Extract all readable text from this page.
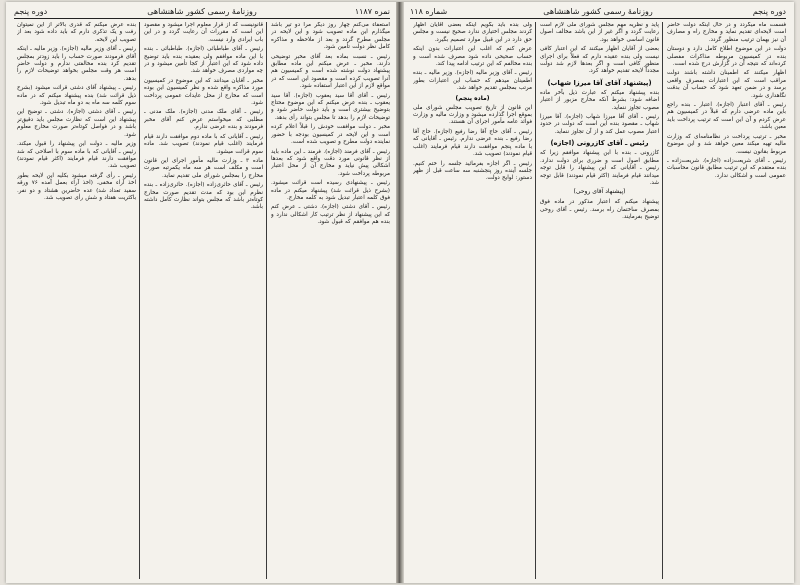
نمره ۱۱۸۷
روزنامه‌ٔ رسمی کشور شاهنشاهی
دوره پنجم

استعفاء می‌کنم چهار روز دیگر مرا دو تیر باشد میگذارم این ماده تصویب شود و این لایحه در مجلس مطرح گردد و بعد از ملاحظه و مذاکره کامل نظر دولت تأمین شود.

رئیس ـ نسبت بماده بعد آقای مخبر توضیحی دارند. مخبر ـ عرض میکنم این ماده مطابق پیشنهاد دولت نوشته شده است و کمیسیون هم آنرا تصویب کرده است و مقصود این است که در مواقع لازم از این اعتبار استفاده شود.

رئیس ـ آقای آقا سید یعقوب (اجازه). آقا سید یعقوب ـ بنده عرض میکنم که این موضوع محتاج بتوضیح بیشتری است و باید دولت حاضر شود و توضیحات لازم را بدهد تا مجلس بتواند رأی بدهد.

مخبر ـ دولت موافقت خودش را قبلاً اعلام کرده است و این لایحه در کمیسیون بودجه با حضور نماینده دولت مطرح و تصویب شده است.

رئیس ـ آقای فرمند (اجازه). فرمند ـ این ماده باید از نظر قانونی مورد دقت واقع شود که بعدها اشکالی پیش نیاید و مخارج آن از محل اعتبار مربوطه پرداخت شود.

رئیس ـ پیشنهادی رسیده است قرائت میشود. (بشرح ذیل قرائت شد) پیشنهاد میکنم در ماده فوق کلمه اعتبار تبدیل شود به کلمه مخارج.

رئیس ـ آقای دشتی (اجازه). دشتی ـ عرض کنم که این پیشنهاد از نظر ترتیب کار اشکالی ندارد و بنده هم موافقم که قبول شود.

قانونیست که از قرار معلوم اجرا میشود و مقصود این است که مقررات آن رعایت گردد و در این باب ایرادی وارد نیست.

رئیس ـ آقای طباطبائی (اجازه). طباطبائی ـ بنده با این ماده موافقم ولی بعقیده بنده باید توضیح داده شود که این اعتبار از کجا تأمین میشود و در چه مواردی مصرف خواهد شد.

مخبر ـ آقایان میدانند که این موضوع در کمیسیون مورد مذاکره واقع شده و نظر کمیسیون این بوده است که مخارج از محل عایدات عمومی پرداخت شود.

رئیس ـ آقای ملک مدنی (اجازه). ملک مدنی ـ مطلبی که میخواستم عرض کنم آقای مخبر فرمودند و بنده عرضی ندارم.

رئیس ـ آقایانی که با ماده دوم موافقت دارند قیام فرمایند (اغلب قیام نمودند) تصویب شد. ماده سوم قرائت میشود.

ماده ۳ ـ وزارت مالیه مأمور اجرای این قانون است و مکلف است هر سه ماه یکمرتبه صورت مخارج را بمجلس شورای ملی تقدیم نماید.

رئیس ـ آقای حائری‌زاده (اجازه). حائری‌زاده ـ بنده نظرم این بود که مدت تقدیم صورت مخارج کوتاه‌تر باشد که مجلس بتواند نظارت کامل داشته باشد.

بنده عرض میکنم که قدری بالاتر از این نمیتوان رفت و یک تذکری دارم که باید داده شود بعد از تصویب این لایحه.

رئیس ـ آقای وزیر مالیه (اجازه). وزیر مالیه ـ اینکه آقای فرمودند صورت حساب را باید زودتر بمجلس تقدیم کرد بنده مخالفتی ندارم و دولت حاضر است هر وقت مجلس بخواهد توضیحات لازم را بدهد.

رئیس ـ پیشنهاد آقای دشتی قرائت میشود (بشرح ذیل قرائت شد) بنده پیشنهاد میکنم که در ماده سوم کلمه سه ماه به دو ماه تبدیل شود.

رئیس ـ آقای دشتی (اجازه). دشتی ـ توضیح این پیشنهاد این است که نظارت مجلس باید دقیق‌تر باشد و در فواصل کوتاه‌تر صورت مخارج معلوم شود.

وزیر مالیه ـ دولت این پیشنهاد را قبول میکند. رئیس ـ آقایانی که با ماده سوم با اصلاحی که شد موافقت دارند قیام فرمایند (اکثر قیام نمودند) تصویب شد.

رئیس ـ رأی گرفته میشود بکلیه این لایحه بطور اخذ آراء مخفی. (اخذ آراء بعمل آمده ۷۶ ورقه سفید تعداد شد) عده حاضرین هشتاد و دو نفر. باکثریت هفتاد و شش رأی تصویب شد.

دوره پنجم
روزنامهٔ رسمی کشور شاهنشاهی
شماره ۱۱۸

فسمت ماه میگردد و در حال اینکه دولت حاضر است لایحه‌ای تقدیم نماید و مخارج راه و مصارف آن نیز بهمان ترتیب منظور گردد.

دولت در این موضوع اطلاع کامل دارد و دوستان بنده در کمیسیون مربوطه مذاکرات مفصلی کرده‌اند که نتیجه آن در گزارش درج شده است.

اظهار میکنند که اطمینان داشته باشند دولت مراقب است که این اعتبارات بمصرف واقعی برسد و در ضمن تعهد شود که حساب آن بدقت نگاهداری شود.

رئیس ـ آقای اعتبار (اجازه). اعتبار ـ بنده راجع باین ماده عرضی دارم که قبلاً در کمیسیون هم عرض کردم و آن این است که ترتیب پرداخت باید معین باشد.

مخبر ـ ترتیب پرداخت در نظامنامه‌ای که وزارت مالیه تهیه میکند معین خواهد شد و این موضوع مربوط بقانون نیست.

رئیس ـ آقای شریعت‌زاده (اجازه). شریعت‌زاده ـ بنده معتقدم که این ترتیب مطابق قانون محاسبات عمومی است و اشکالی ندارد.

پاید و نظریه مهم مجلس شورای ملی لازم است رعایت گردد و اگر غیر از این باشد مخالف اصول قانون اساسی خواهد بود.

بعضی از آقایان اظهار میکنند که این اعتبار کافی نیست ولی بنده عقیده دارم که فعلاً برای اجرای منظور کافی است و اگر بعدها لازم شد دولت مجدداً لایحه تقدیم خواهد کرد.

(پیشنهاد آقای آقا میرزا شهاب)

بنده پیشنهاد میکنم که عبارت ذیل بآخر ماده اضافه شود: بشرط آنکه مخارج مزبور از اعتبار مصوب تجاوز ننماید.

رئیس ـ آقای آقا میرزا شهاب (اجازه). آقا میرزا شهاب ـ مقصود بنده این است که دولت در حدود اعتبار مصوب عمل کند و از آن تجاوز ننماید.

رئیس ـ آقای کازرونی (اجازه)

کازرونی ـ بنده با این پیشنهاد موافقم زیرا که مطابق اصول است و ضرری برای دولت ندارد. رئیس ـ آقایانی که این پیشنهاد را قابل توجه میدانند قیام فرمایند (اکثر قیام نمودند) قابل توجه شد.

(پیشنهاد آقای روحی)

پیشنهاد میکنم که اعتبار مذکور در ماده فوق بمصرف ساختمان راه برسد. رئیس ـ آقای روحی توضیح بفرمایند.

ولی بنده باید بگویم اینکه بعضی آقایان اظهار کردند مجلس اختیاری ندارد صحیح نیست و مجلس حق دارد در این قبیل موارد تصمیم بگیرد.

عرض کنم که اغلب این اعتبارات بدون اینکه حساب صحیحی داده شود مصرف شده است و بنده مخالفم که این ترتیب ادامه پیدا کند.

رئیس ـ آقای وزیر مالیه (اجازه). وزیر مالیه ـ بنده اطمینان میدهم که حساب این اعتبارات بطور مرتب بمجلس تقدیم خواهد شد.

(ماده پنجم)

این قانون از تاریخ تصویب مجلس شورای ملی بموقع اجرا گذارده میشود و وزارت مالیه و وزارت فوائد عامه مأمور اجرای آن هستند.

رئیس ـ آقای حاج آقا رضا رفیع (اجازه). حاج آقا رضا رفیع ـ بنده عرضی ندارم. رئیس ـ آقایانی که با ماده پنجم موافقت دارند قیام فرمایند (اغلب قیام نمودند) تصویب شد.

رئیس ـ اگر اجازه بفرمائید جلسه را ختم کنیم. جلسه آینده روز پنجشنبه سه ساعت قبل از ظهر دستور: لوایح دولت.
